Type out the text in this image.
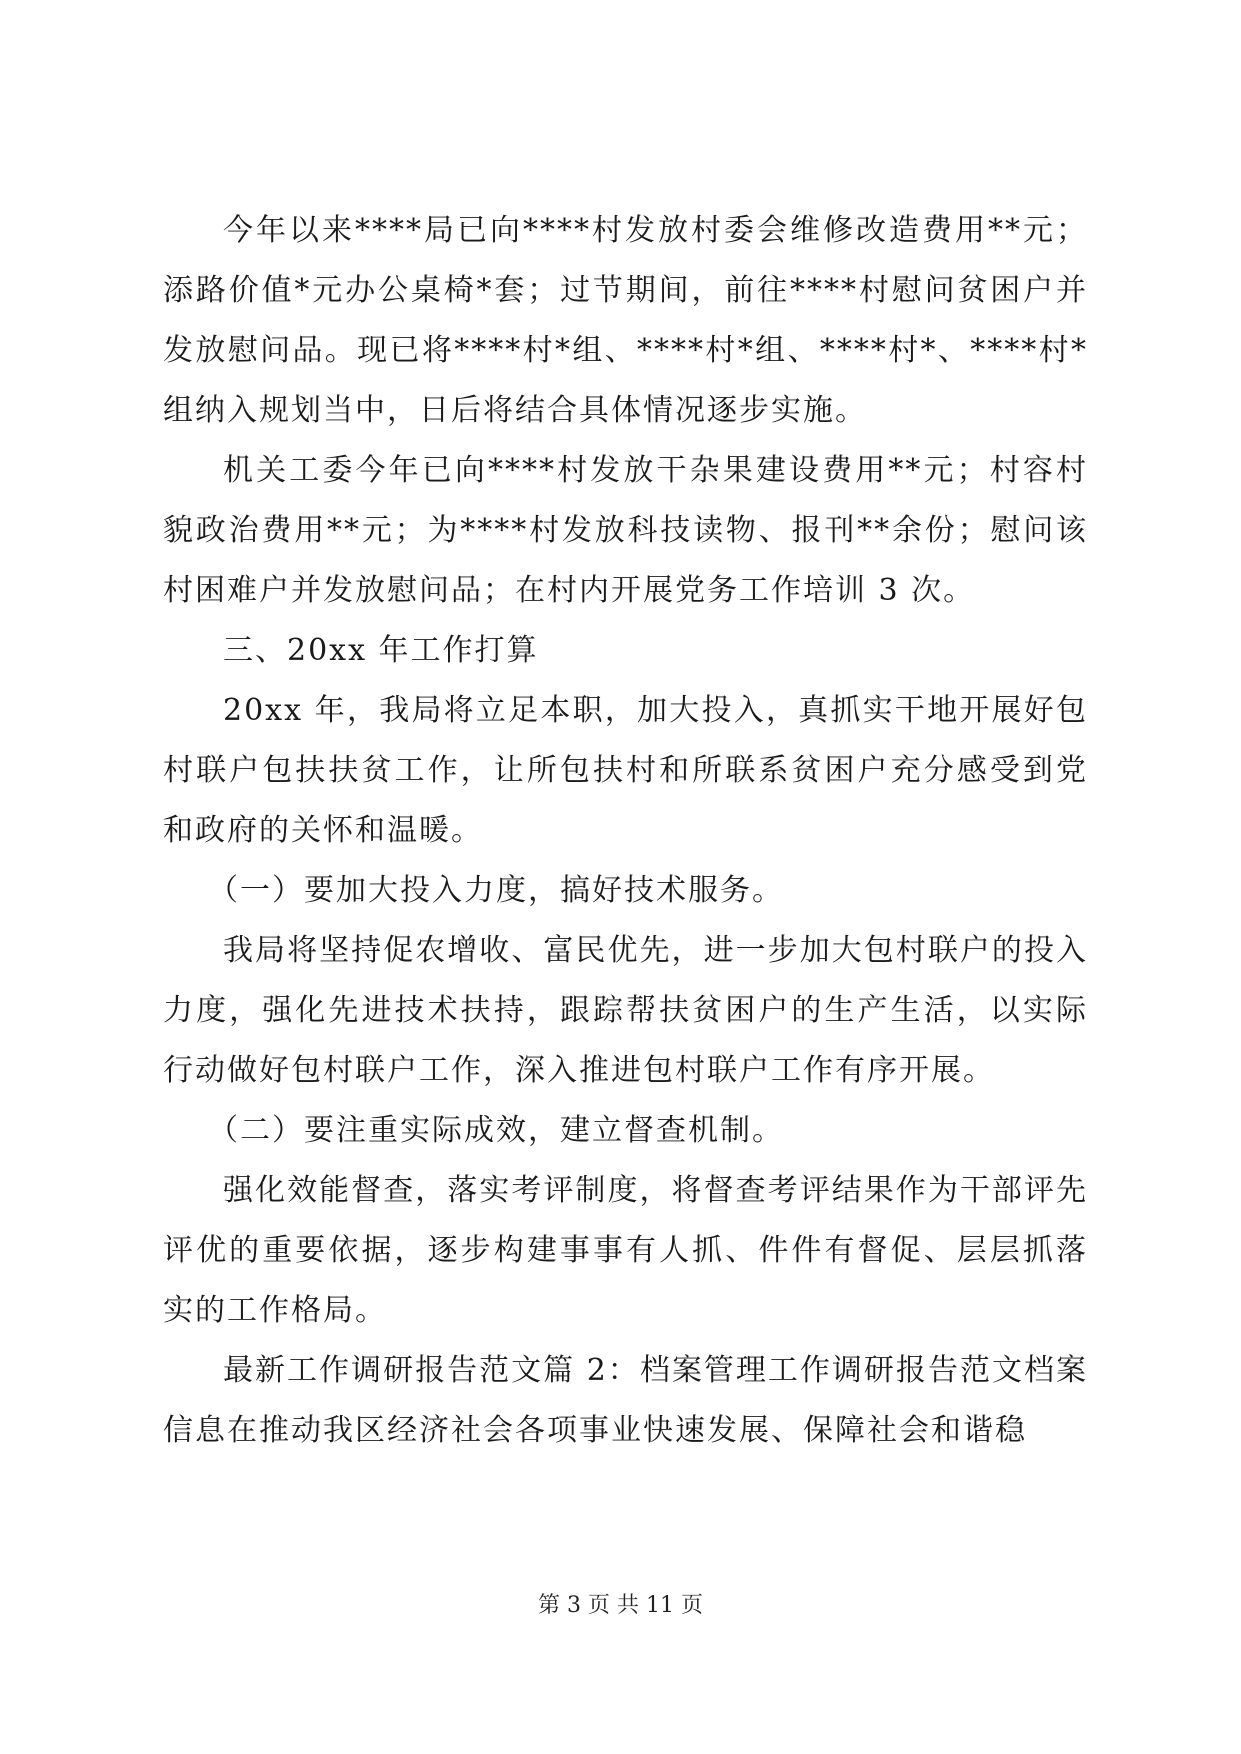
今年以来****局已向****村发放村委会维修改造费用**元；添路价值*元办公桌椅*套；过节期间，前往****村慰问贫困户并发放慰问品。现已将****村*组、****村*组、****村*、****村*组纳入规划当中，日后将结合具体情况逐步实施。

机关工委今年已向****村发放干杂果建设费用**元；村容村貌政治费用**元；为****村发放科技读物、报刊**余份；慰问该村困难户并发放慰问品；在村内开展党务工作培训 3 次。

三、20xx 年工作打算

20xx 年，我局将立足本职，加大投入，真抓实干地开展好包村联户包扶扶贫工作，让所包扶村和所联系贫困户充分感受到党和政府的关怀和温暖。

（一）要加大投入力度，搞好技术服务。

我局将坚持促农增收、富民优先，进一步加大包村联户的投入力度，强化先进技术扶持，跟踪帮扶贫困户的生产生活，以实际行动做好包村联户工作，深入推进包村联户工作有序开展。

（二）要注重实际成效，建立督查机制。

强化效能督查，落实考评制度，将督查考评结果作为干部评先评优的重要依据，逐步构建事事有人抓、件件有督促、层层抓落实的工作格局。

最新工作调研报告范文篇 2：档案管理工作调研报告范文档案信息在推动我区经济社会各项事业快速发展、保障社会和谐稳

第 3 页 共 11 页
